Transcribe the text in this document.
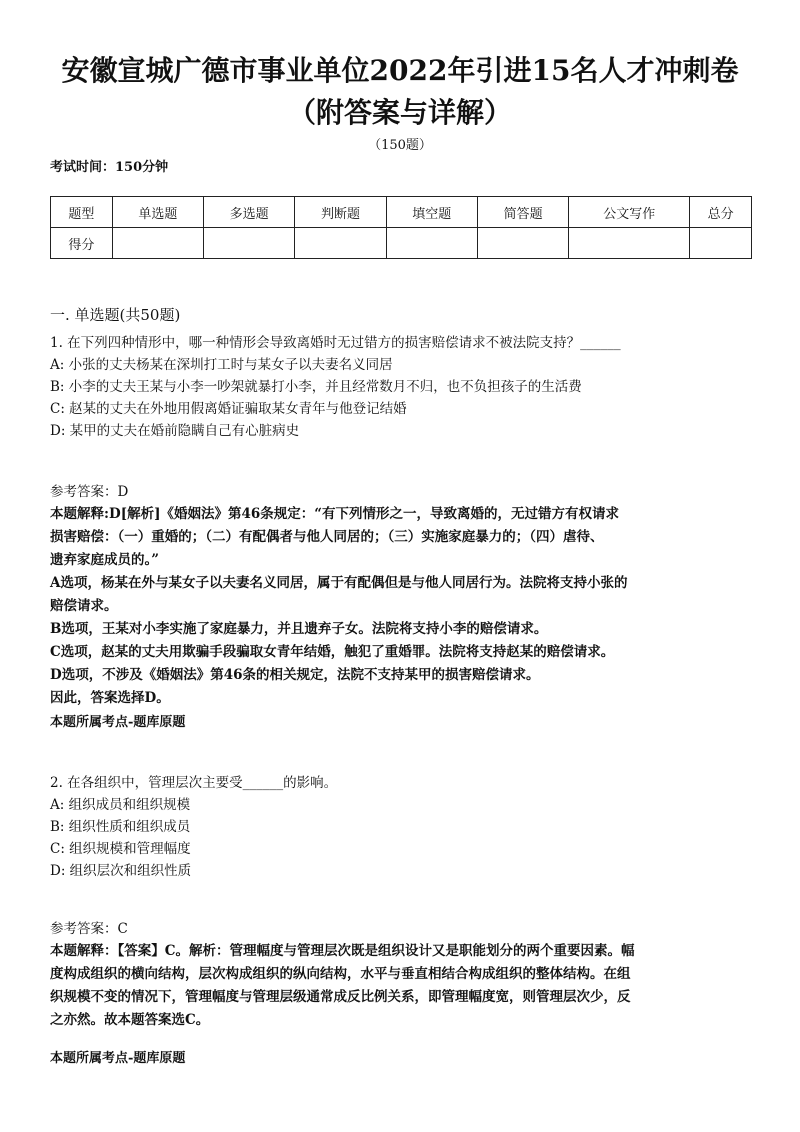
安徽宣城广德市事业单位2022年引进15名人才冲刺卷（附答案与详解）
（150题）
考试时间：150分钟
题型	单选题	多选题	判断题	填空题	简答题	公文写作	总分
得分							
一. 单选题(共50题)
1. 在下列四种情形中，哪一种情形会导致离婚时无过错方的损害赔偿请求不被法院支持？______
A: 小张的丈夫杨某在深圳打工时与某女子以夫妻名义同居
B: 小李的丈夫王某与小李一吵架就暴打小李，并且经常数月不归，也不负担孩子的生活费
C: 赵某的丈夫在外地用假离婚证骗取某女青年与他登记结婚
D: 某甲的丈夫在婚前隐瞒自己有心脏病史
参考答案：D
本题解释:D[解析]《婚姻法》第46条规定：“有下列情形之一，导致离婚的，无过错方有权请求
损害赔偿：（一）重婚的；（二）有配偶者与他人同居的；（三）实施家庭暴力的；（四）虐待、
遗弃家庭成员的。”
A选项，杨某在外与某女子以夫妻名义同居，属于有配偶但是与他人同居行为。法院将支持小张的
赔偿请求。
B选项，王某对小李实施了家庭暴力，并且遗弃子女。法院将支持小李的赔偿请求。
C选项，赵某的丈夫用欺骗手段骗取女青年结婚，触犯了重婚罪。法院将支持赵某的赔偿请求。
D选项，不涉及《婚姻法》第46条的相关规定，法院不支持某甲的损害赔偿请求。
因此，答案选择D。
本题所属考点-题库原题
2. 在各组织中，管理层次主要受______的影响。
A: 组织成员和组织规模
B: 组织性质和组织成员
C: 组织规模和管理幅度
D: 组织层次和组织性质
参考答案：C
本题解释：【答案】C。解析：管理幅度与管理层次既是组织设计又是职能划分的两个重要因素。幅
度构成组织的横向结构，层次构成组织的纵向结构，水平与垂直相结合构成组织的整体结构。在组
织规模不变的情况下，管理幅度与管理层级通常成反比例关系，即管理幅度宽，则管理层次少，反
之亦然。故本题答案选C。
本题所属考点-题库原题
